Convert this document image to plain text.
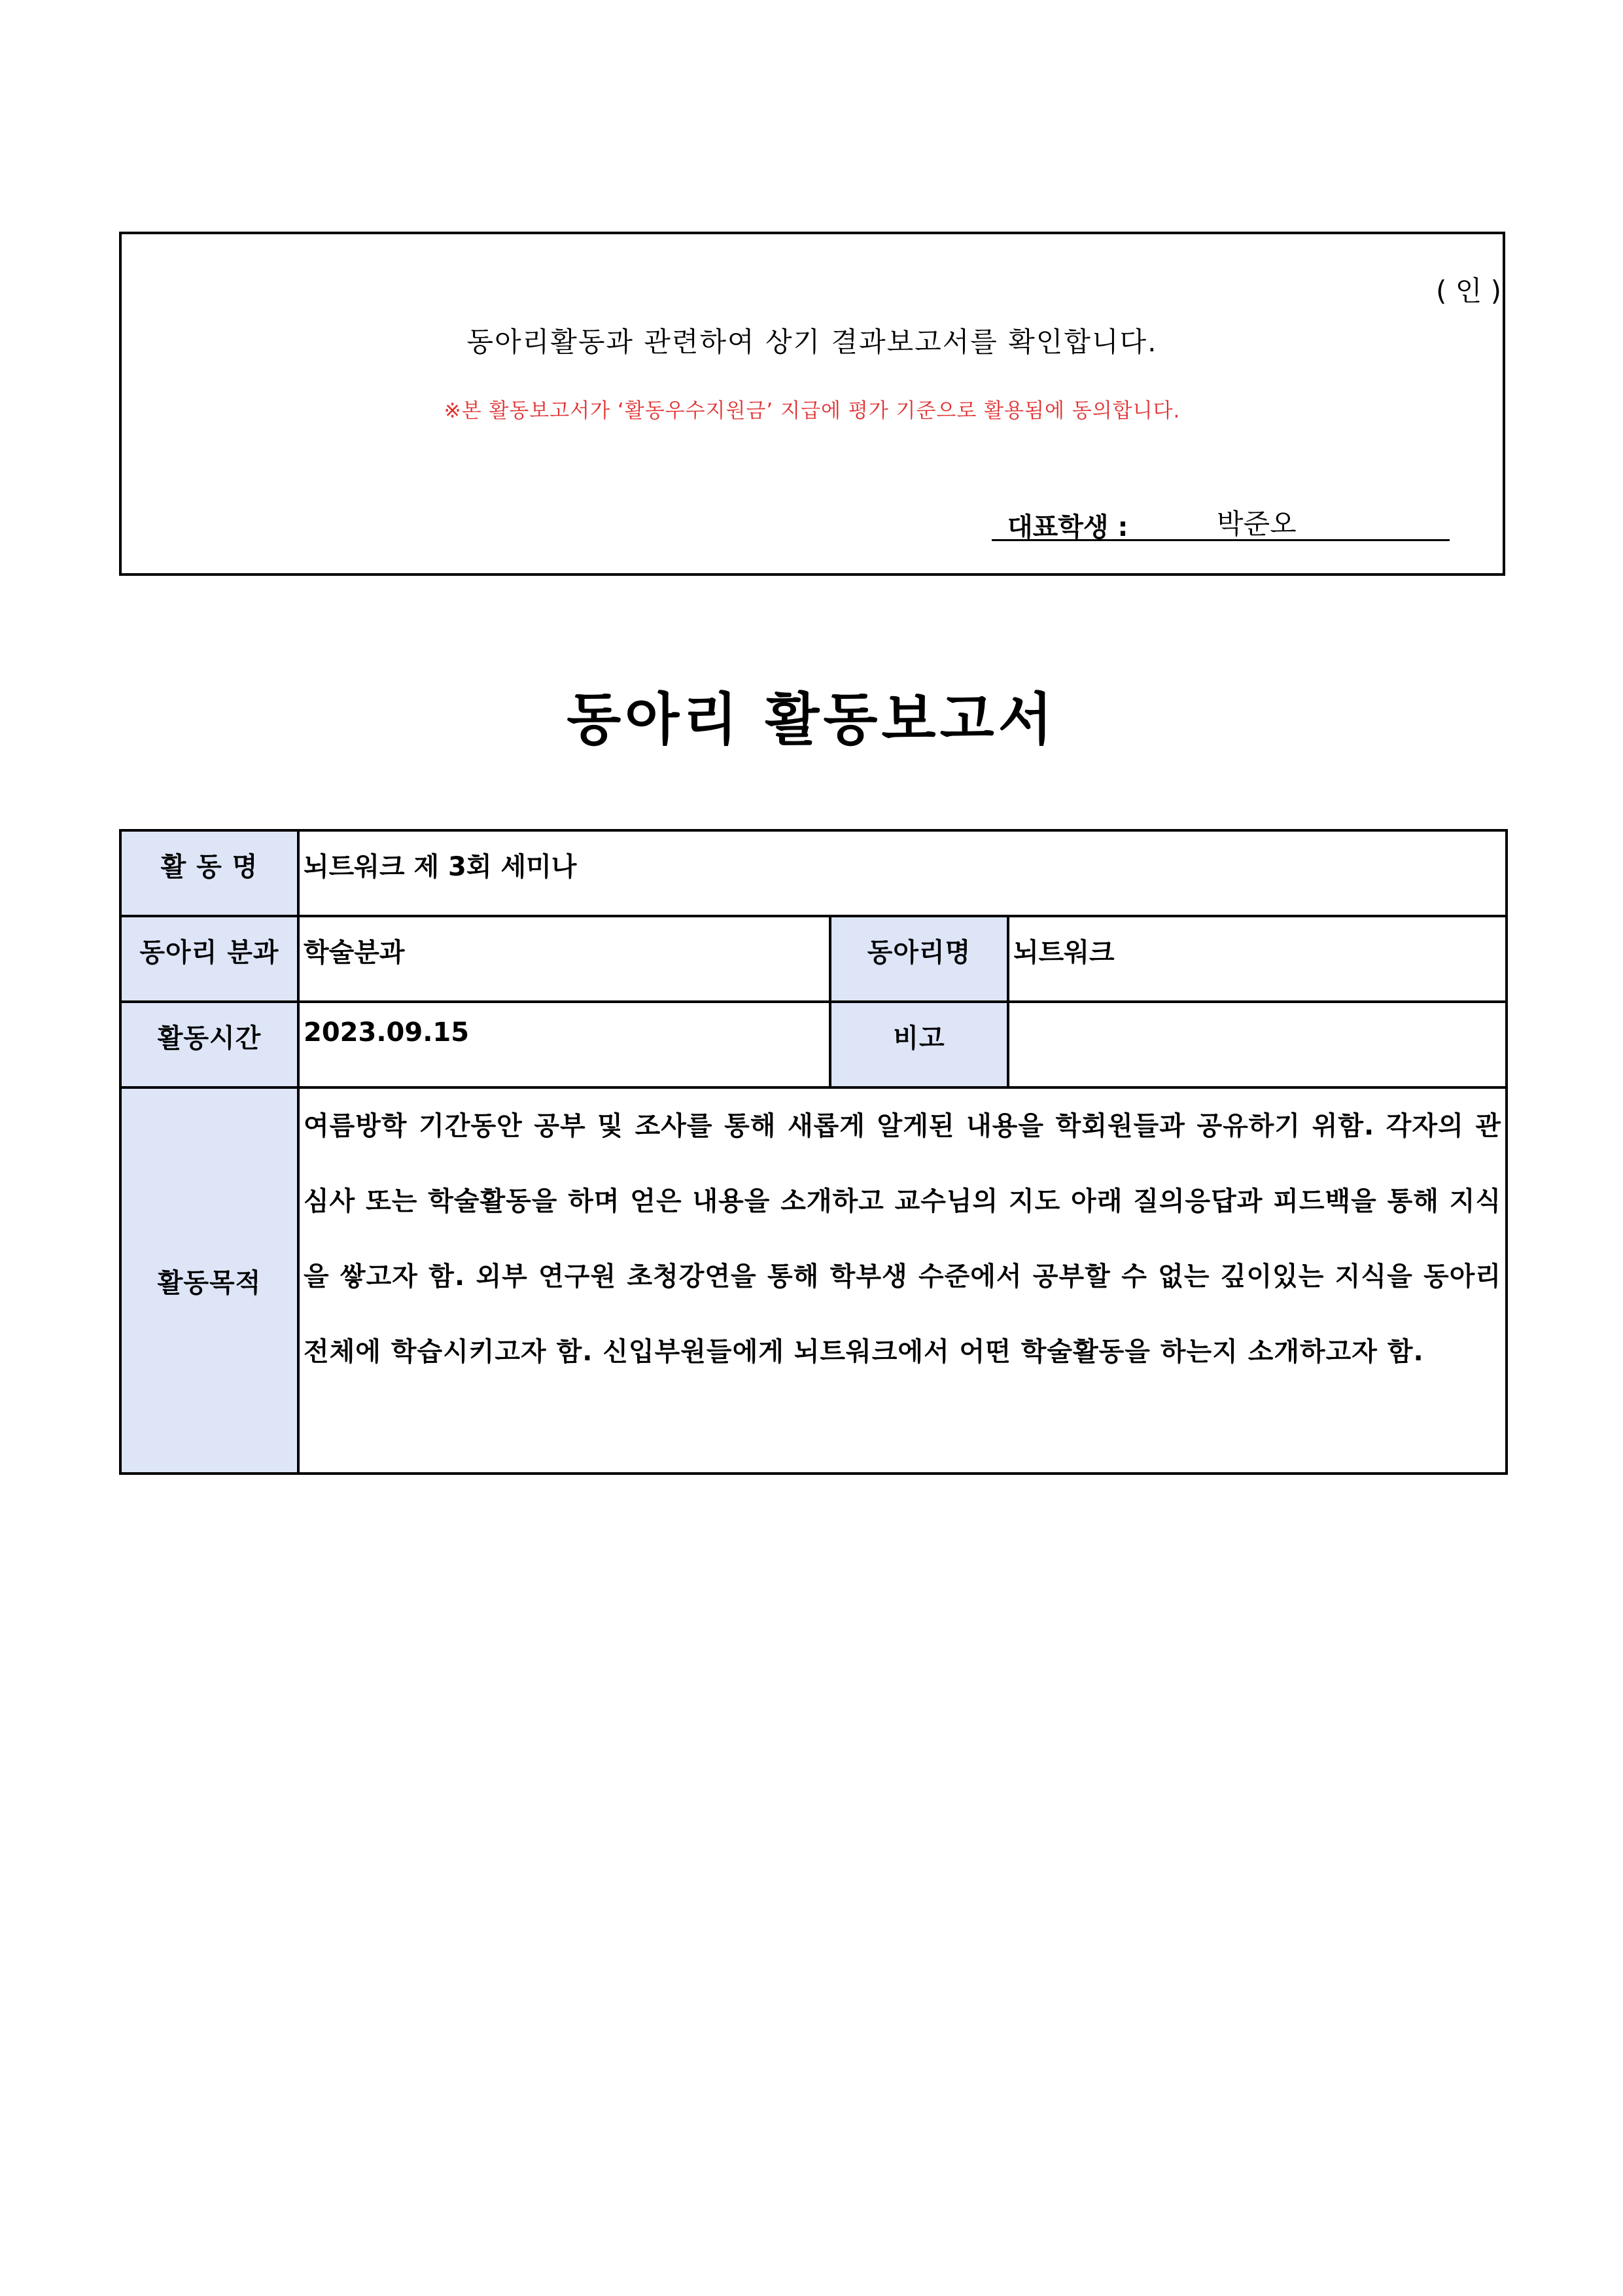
동아리활동과 관련하여 상기 결과보고서를 확인합니다.
※본 활동보고서가 ‘활동우수지원금’ 지급에 평가 기준으로 활용됨에 동의합니다.
대표학생 :	박준오
( 인 )
동아리 활동보고서
활 동 명	뇌트워크 제 3회 세미나		
동아리 분과	학술분과	동아리명	뇌트워크
활동시간	2023.09.15	비고	
활동목적	여름방학 기간동안 공부 및 조사를 통해 새롭게 알게된 내용을 학회원들과 공유하기 위함. 각자의 관심사 또는 학술활동을 하며 얻은 내용을 소개하고 교수님의 지도 아래 질의응답과 피드백을 통해 지식을 쌓고자 함. 외부 연구원 초청강연을 통해 학부생 수준에서 공부할 수 없는 깊이있는 지식을 동아리 전체에 학습시키고자 함. 신입부원들에게 뇌트워크에서 어떤 학술활동을 하는지 소개하고자 함.		
